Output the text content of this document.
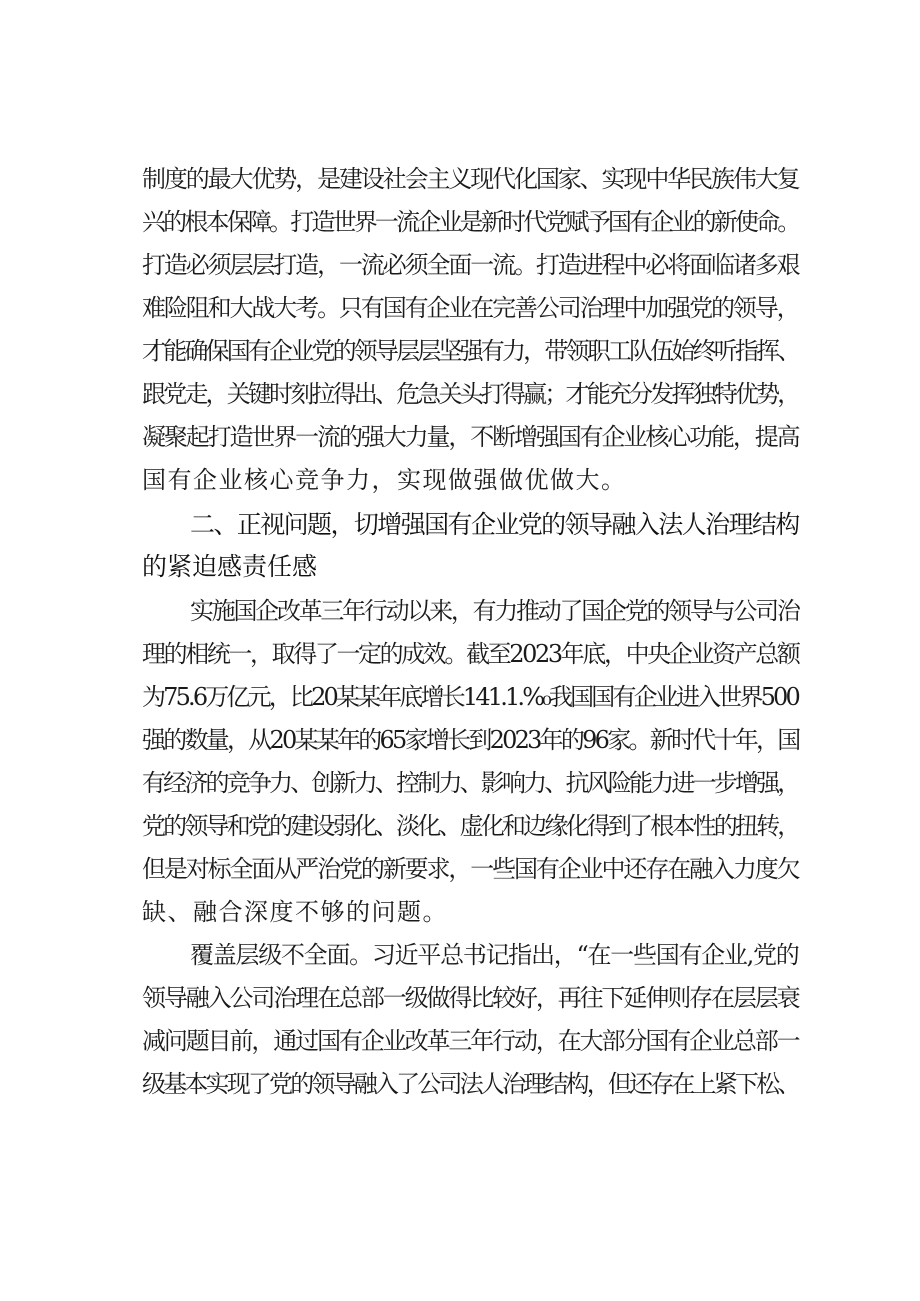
制度的最大优势，是建设社会主义现代化国家、实现中华民族伟大复
兴的根本保障。打造世界一流企业是新时代党赋予国有企业的新使命。
打造必须层层打造，一流必须全面一流。打造进程中必将面临诸多艰
难险阻和大战大考。只有国有企业在完善公司治理中加强党的领导，
才能确保国有企业党的领导层层坚强有力，带领职工队伍始终听指挥、
跟党走，关键时刻拉得出、危急关头打得赢；才能充分发挥独特优势，
凝聚起打造世界一流的强大力量，不断增强国有企业核心功能，提高
国有企业核心竞争力，实现做强做优做大。
二、正视问题，切增强国有企业党的领导融入法人治理结构
的紧迫感责任感
实施国企改革三年行动以来，有力推动了国企党的领导与公司治
理的相统一，取得了一定的成效。截至2023年底，中央企业资产总额
为75.6万亿元，比20某某年底增长141.1.%₀我国国有企业进入世界500
强的数量，从20某某年的65家增长到2023年的96家。新时代十年，国
有经济的竞争力、创新力、控制力、影响力、抗风险能力进一步增强，
党的领导和党的建设弱化、淡化、虚化和边缘化得到了根本性的扭转，
但是对标全面从严治党的新要求，一些国有企业中还存在融入力度欠
缺、融合深度不够的问题。
覆盖层级不全面。习近平总书记指出，“在一些国有企业,党的
领导融入公司治理在总部一级做得比较好，再往下延伸则存在层层衰
减问题目前，通过国有企业改革三年行动，在大部分国有企业总部一
级基本实现了党的领导融入了公司法人治理结构，但还存在上紧下松、
